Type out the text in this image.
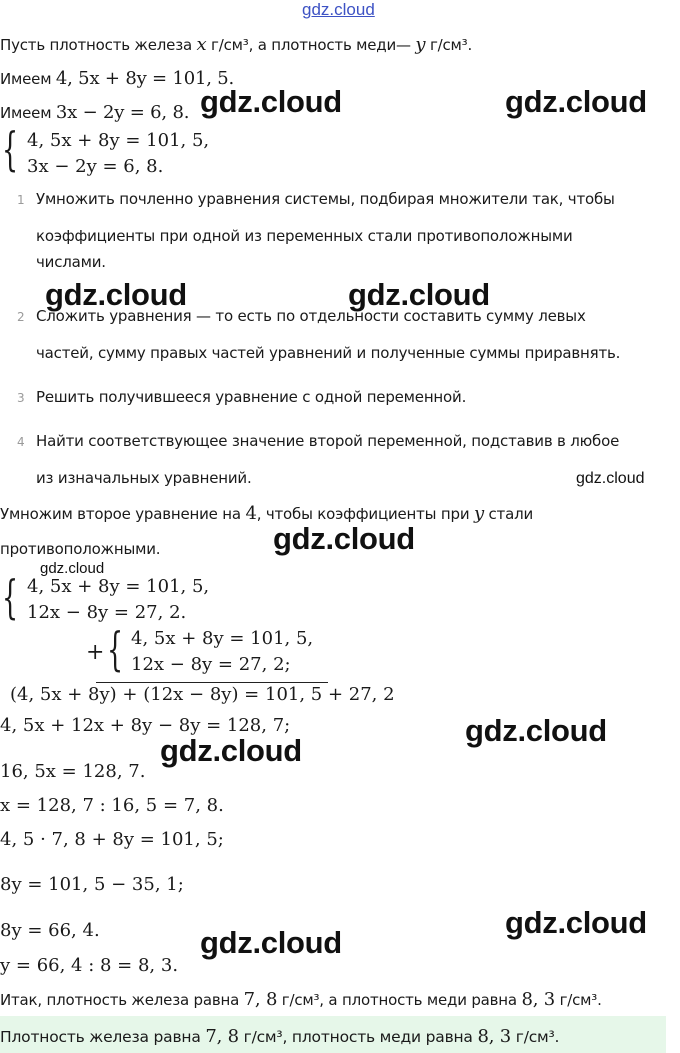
gdz.cloud
Пусть плотность железа x г/см³, а плотность меди— y г/см³.
Имеем 4, 5x + 8y = 101, 5.
Имеем 3x − 2y = 6, 8.
{ 4, 5x + 8y = 101, 5,
3x − 2y = 6, 8.
1 Умножить почленно уравнения системы, подбирая множители так, чтобы
коэффициенты при одной из переменных стали противоположными
числами.
2 Сложить уравнения — то есть по отдельности составить сумму левых
частей, сумму правых частей уравнений и полученные суммы приравнять.
3 Решить получившееся уравнение с одной переменной.
4 Найти соответствующее значение второй переменной, подставив в любое
из изначальных уравнений.
Умножим второе уравнение на 4, чтобы коэффициенты при y стали
противоположными.
{ 4, 5x + 8y = 101, 5,
12x − 8y = 27, 2.
+ { 4, 5x + 8y = 101, 5,
12x − 8y = 27, 2;
(4, 5x + 8y) + (12x − 8y) = 101, 5 + 27, 2
4, 5x + 12x + 8y − 8y = 128, 7;
16, 5x = 128, 7.
x = 128, 7 : 16, 5 = 7, 8.
4, 5 · 7, 8 + 8y = 101, 5;
8y = 101, 5 − 35, 1;
8y = 66, 4.
y = 66, 4 : 8 = 8, 3.
Итак, плотность железа равна 7, 8 г/см³, а плотность меди равна 8, 3 г/см³.
Плотность железа равна 7, 8 г/см³, плотность меди равна 8, 3 г/см³.
gdz.cloud	gdz.cloud
gdz.cloud	gdz.cloud
gdz.cloud
gdz.cloud
gdz.cloud
gdz.cloud
gdz.cloud
gdz.cloud
gdz.cloud
